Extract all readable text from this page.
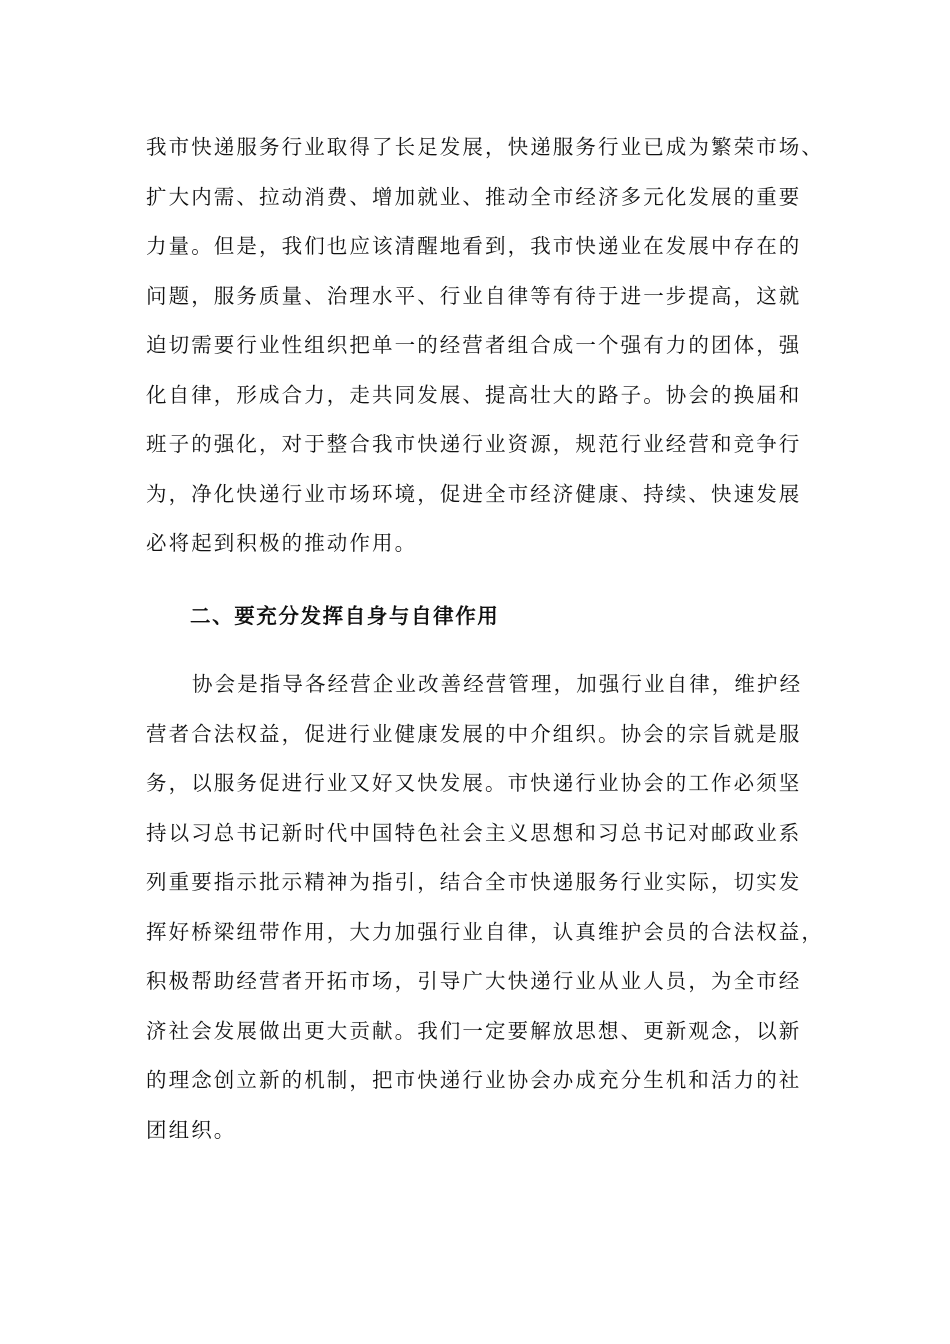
我市快递服务行业取得了长足发展，快递服务行业已成为繁荣市场、
扩大内需、拉动消费、增加就业、推动全市经济多元化发展的重要
力量。但是，我们也应该清醒地看到，我市快递业在发展中存在的
问题，服务质量、治理水平、行业自律等有待于进一步提高，这就
迫切需要行业性组织把单一的经营者组合成一个强有力的团体，强
化自律，形成合力，走共同发展、提高壮大的路子。协会的换届和
班子的强化，对于整合我市快递行业资源，规范行业经营和竞争行
为，净化快递行业市场环境，促进全市经济健康、持续、快速发展
必将起到积极的推动作用。
二、要充分发挥自身与自律作用
协会是指导各经营企业改善经营管理，加强行业自律，维护经
营者合法权益，促进行业健康发展的中介组织。协会的宗旨就是服
务，以服务促进行业又好又快发展。市快递行业协会的工作必须坚
持以习总书记新时代中国特色社会主义思想和习总书记对邮政业系
列重要指示批示精神为指引，结合全市快递服务行业实际，切实发
挥好桥梁纽带作用，大力加强行业自律，认真维护会员的合法权益，
积极帮助经营者开拓市场，引导广大快递行业从业人员，为全市经
济社会发展做出更大贡献。我们一定要解放思想、更新观念，以新
的理念创立新的机制，把市快递行业协会办成充分生机和活力的社
团组织。
